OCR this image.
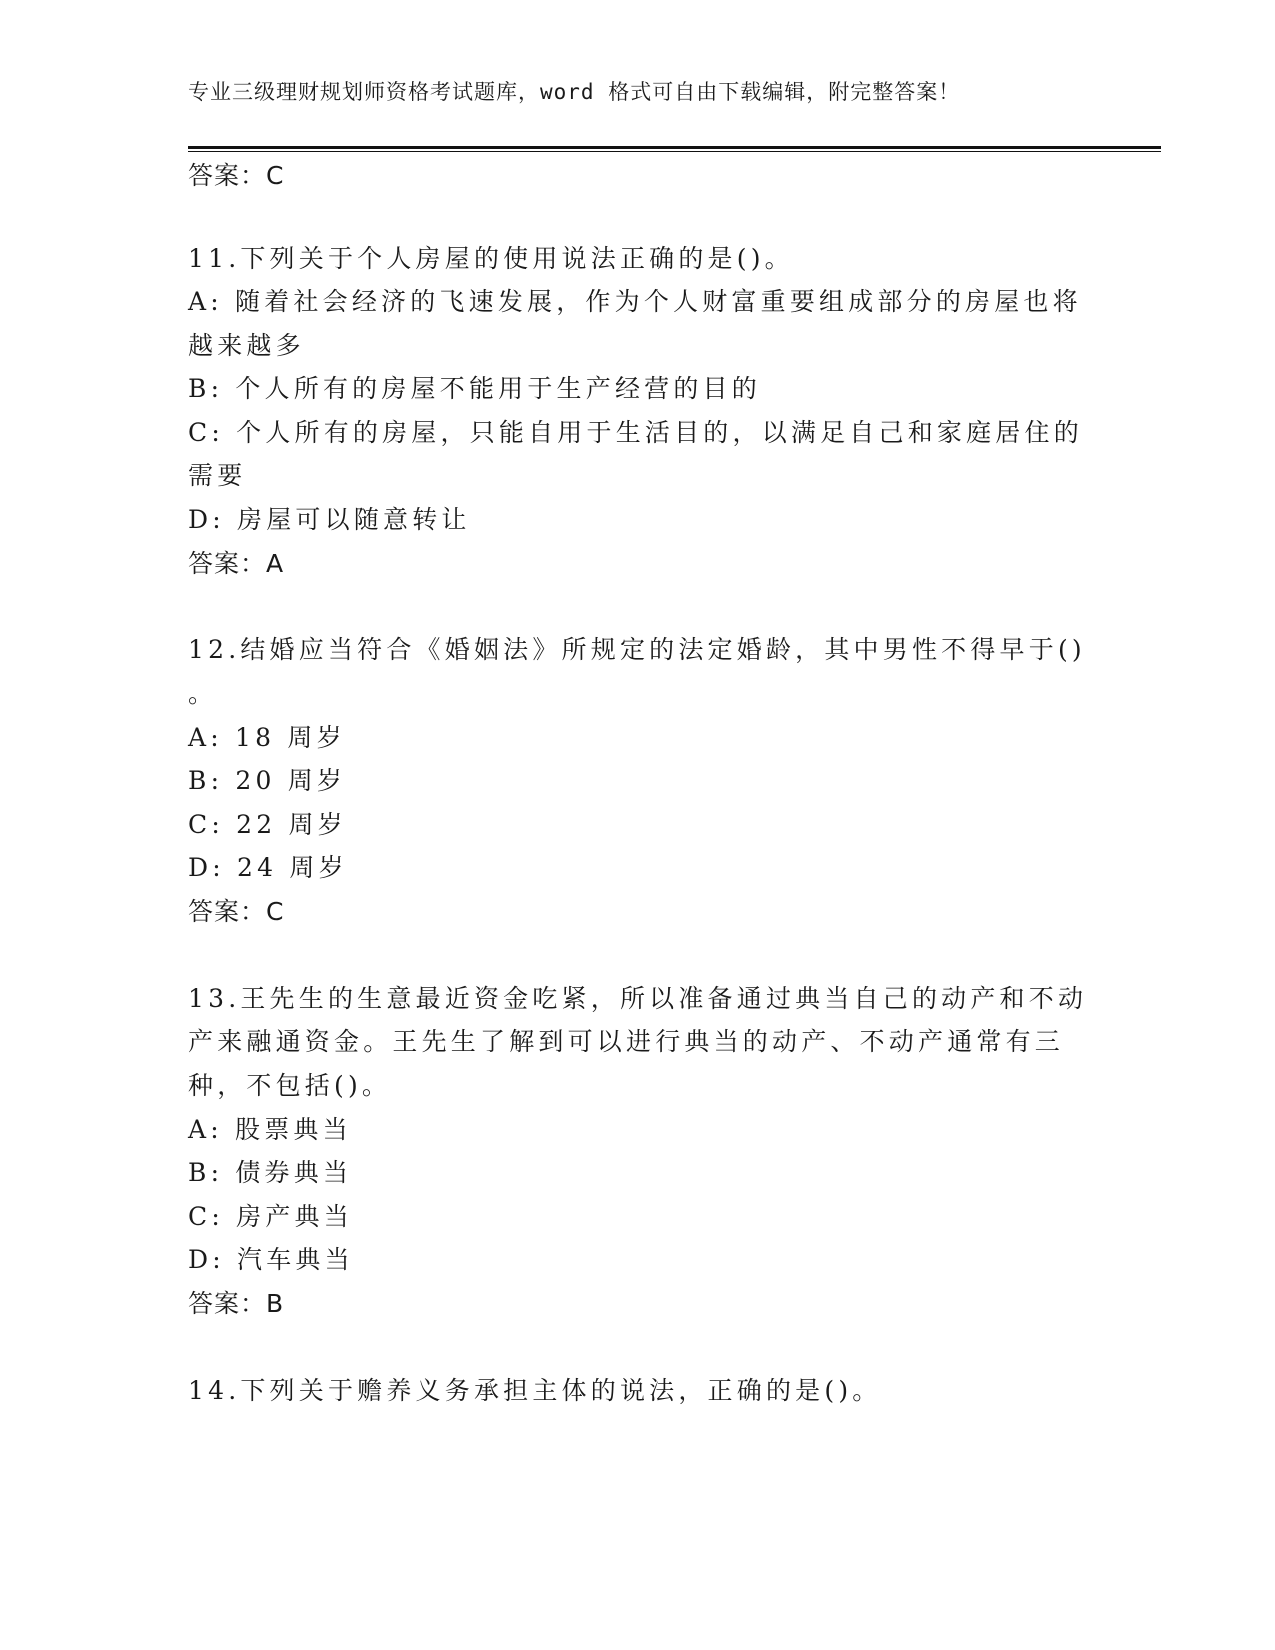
专业三级理财规划师资格考试题库，word 格式可自由下载编辑，附完整答案！

答案：C

11.下列关于个人房屋的使用说法正确的是()。

A: 随着社会经济的飞速发展，作为个人财富重要组成部分的房屋也将

越来越多

B: 个人所有的房屋不能用于生产经营的目的

C: 个人所有的房屋，只能自用于生活目的，以满足自己和家庭居住的

需要

D: 房屋可以随意转让

答案：A

12.结婚应当符合《婚姻法》所规定的法定婚龄，其中男性不得早于()

。

A: 18 周岁

B: 20 周岁

C: 22 周岁

D: 24 周岁

答案：C

13.王先生的生意最近资金吃紧，所以准备通过典当自己的动产和不动

产来融通资金。王先生了解到可以进行典当的动产、不动产通常有三

种，不包括()。

A: 股票典当

B: 债券典当

C: 房产典当

D: 汽车典当

答案：B

14.下列关于赡养义务承担主体的说法，正确的是()。
